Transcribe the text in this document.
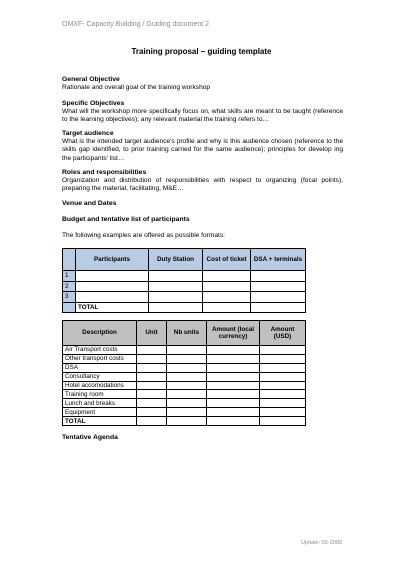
OMXF- Capacity Building / Guiding document 2
Training proposal – guiding template
General Objective
Rationale and overall goal of the training workshop
Specific Objectives
What will the workshop more specifically focus on, what skills are meant to be taught (reference to the learning objectives); any relevant material the training refers to…
Target audience
What is the intended target audience's profile and why is this audience chosen (reference to the skills gap identified, to prior training carried for the same audience); principles for develop ing the participants' list…
Roles and responsibilities
Organization and distribution of responsibilities with respect to organizing (focal points), preparing the material, facilitating, M&E…
Venue and Dates
Budget and tentative list of participants
The following examples are offered as possible formats:
	Participants	Duty Station	Cost of ticket	DSA + terminals
1				
2				
3				
	TOTAL			
Description	Unit	Nb units	Amount (local currency)	Amount (USD)
Air Transport costs				
Other transport costs				
DSA				
Consultancy				
Hotel accomodations				
Training room				
Lunch and breaks				
Equipment				
TOTAL				
Tentative Agenda
Update: 02-2009
